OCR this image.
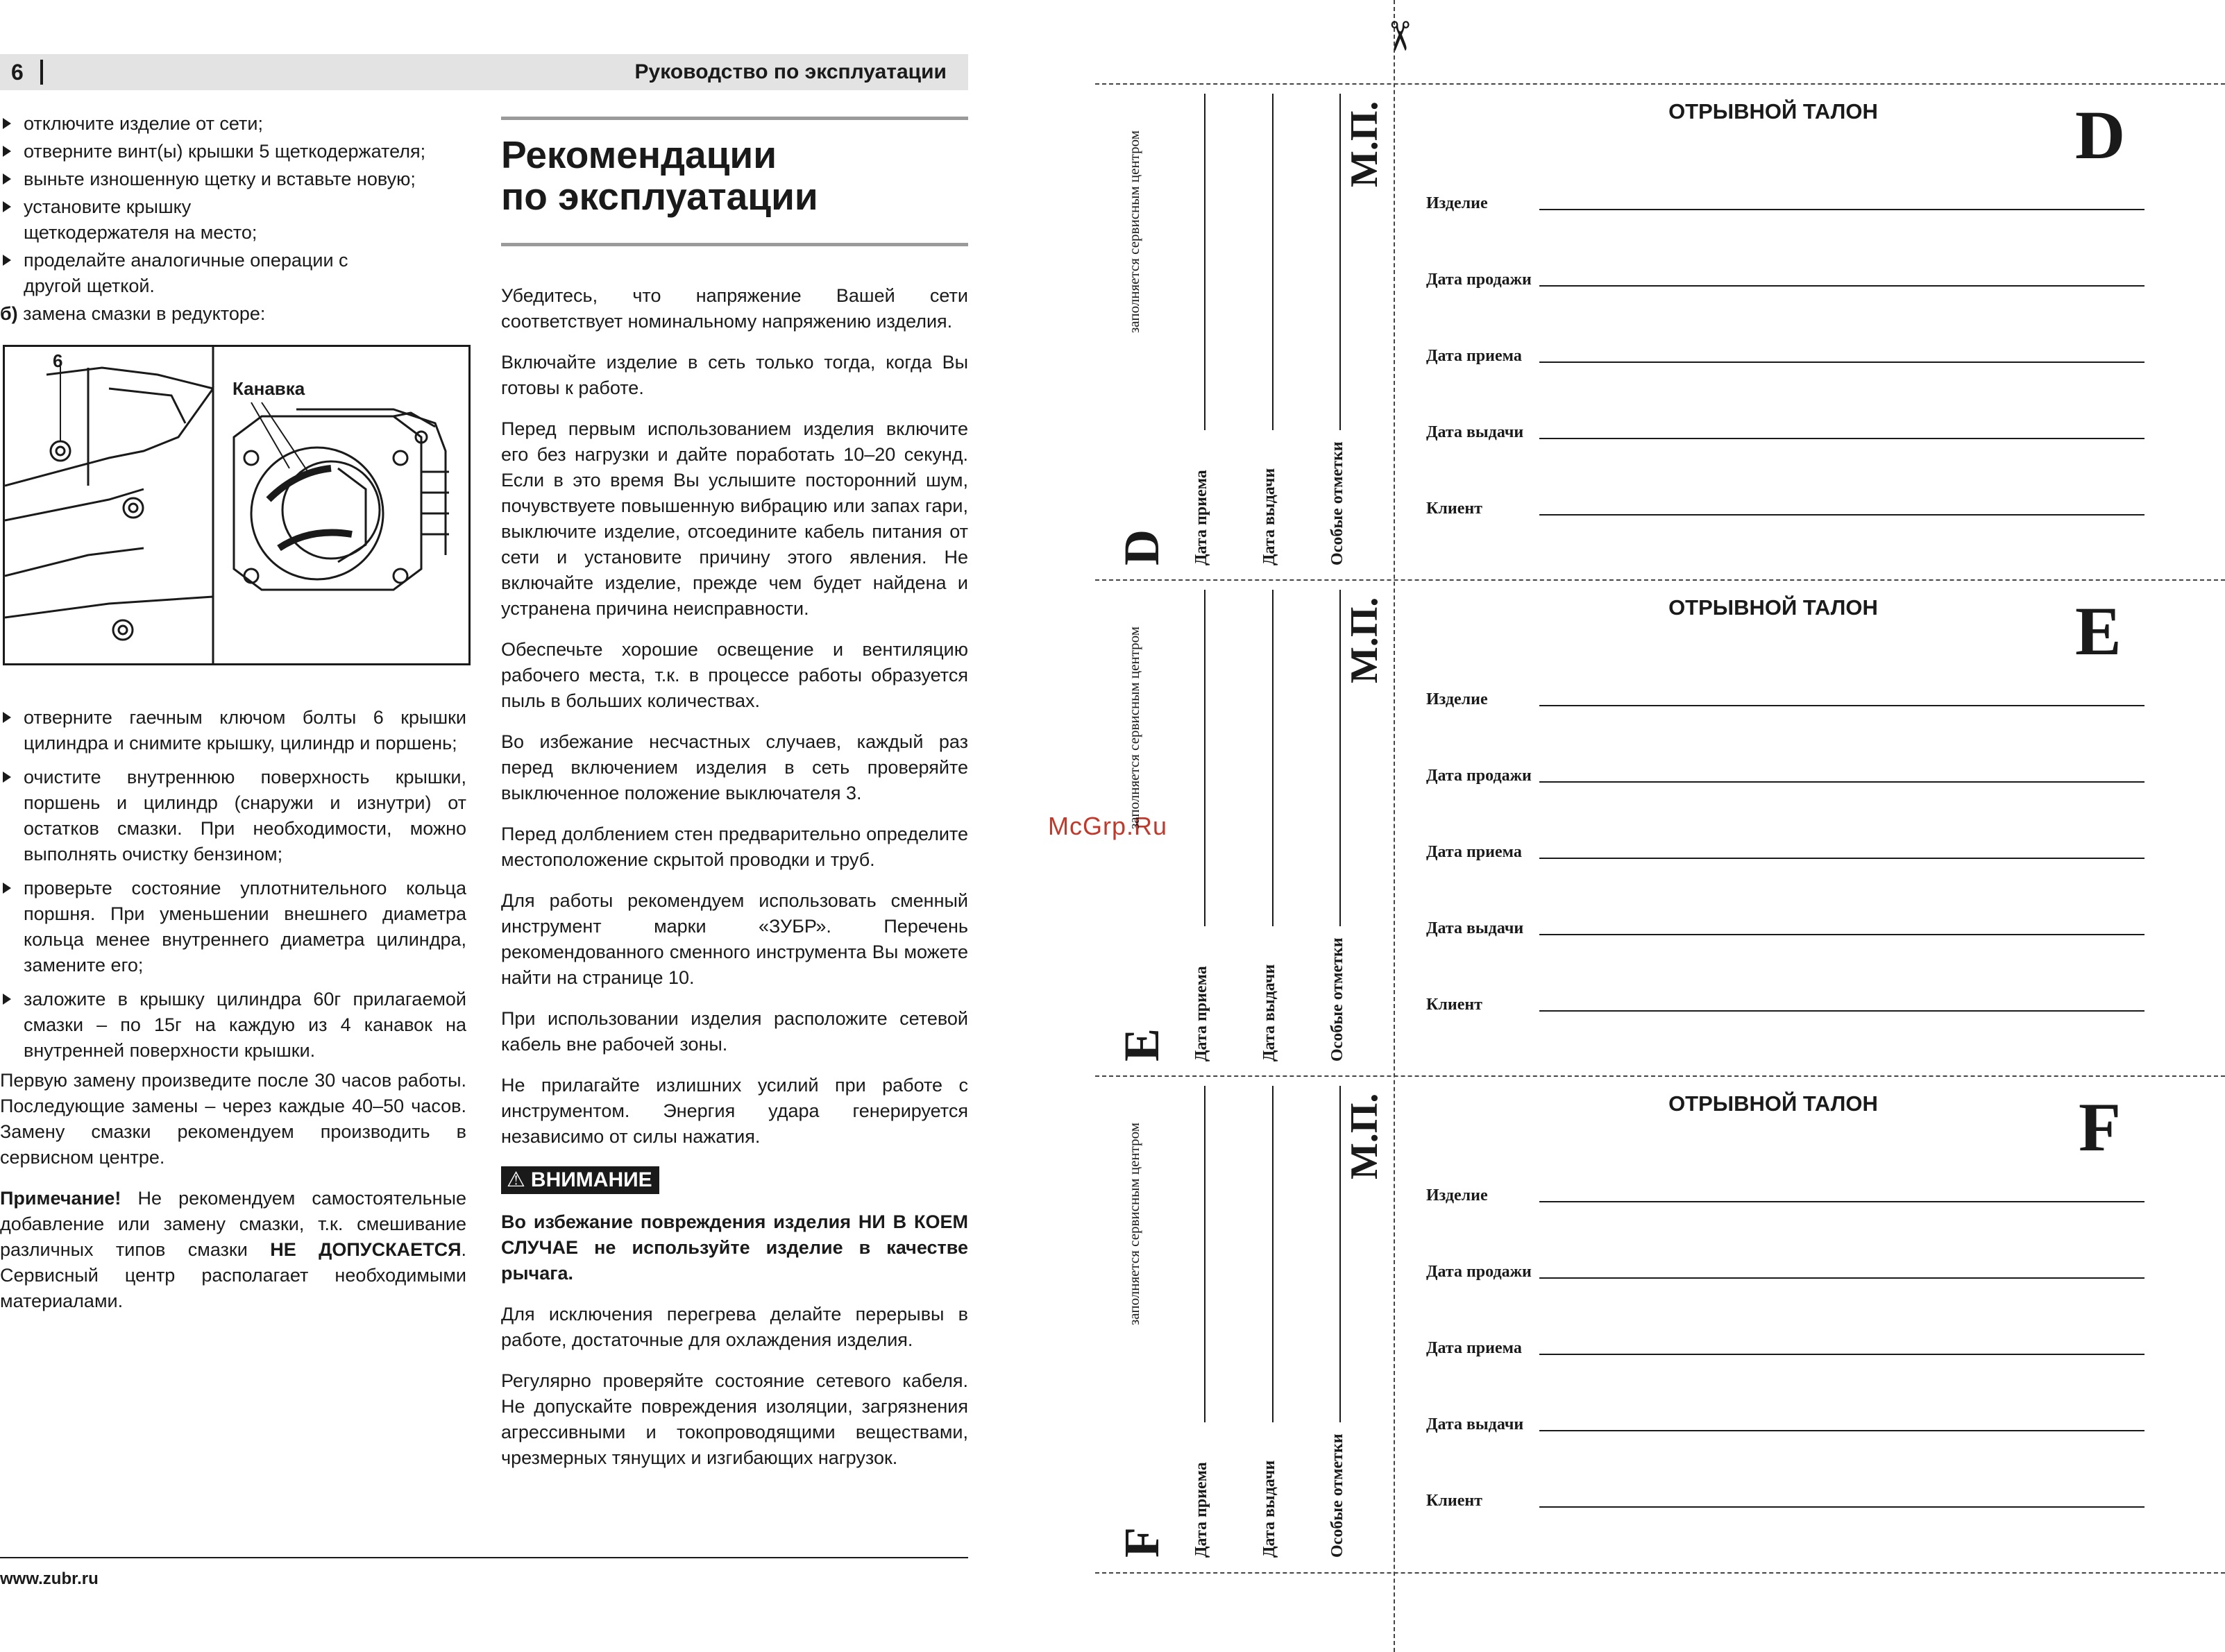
6	Руководство по эксплуатации
отключите изделие от сети;
отверните винт(ы) крышки 5 щеткодержателя;
выньте изношенную щетку и вставьте новую;
установите крышку щеткодержателя на место;
проделайте аналогичные операции с другой щеткой.
б) замена смазки в редукторе:
6
Канавка
отверните гаечным ключом болты 6 крышки цилиндра и снимите крышку, цилиндр и поршень;
очистите внутреннюю поверхность крышки, поршень и цилиндр (снаружи и изнутри) от остатков смазки. При необходимости, можно выполнять очистку бензином;
проверьте состояние уплотнительного кольца поршня. При уменьшении внешнего диаметра кольца менее внутреннего диаметра цилиндра, замените его;
заложите в крышку цилиндра 60г прилагаемой смазки – по 15г на каждую из 4 канавок на внутренней поверхности крышки.
Первую замену произведите после 30 часов работы. Последующие замены – через каждые 40–50 часов. Замену смазки рекомендуем производить в сервисном центре.
Примечание! Не рекомендуем самостоятельные добавление или замену смазки, т.к. смешивание различных типов смазки НЕ ДОПУСКАЕТСЯ. Сервисный центр располагает необходимыми материалами.
Рекомендации
по эксплуатации
Убедитесь, что напряжение Вашей сети соответствует номинальному напряжению изделия.
Включайте изделие в сеть только тогда, когда Вы готовы к работе.
Перед первым использованием изделия включите его без нагрузки и дайте поработать 10–20 секунд. Если в это время Вы услышите посторонний шум, почувствуете повышенную вибрацию или запах гари, выключите изделие, отсоедините кабель питания от сети и установите причину этого явления. Не включайте изделие, прежде чем будет найдена и устранена причина неисправности.
Обеспечьте хорошие освещение и вентиляцию рабочего места, т.к. в процессе работы образуется пыль в больших количествах.
Во избежание несчастных случаев, каждый раз перед включением изделия в сеть проверяйте выключенное положение выключателя 3.
Перед долблением стен предварительно определите местоположение скрытой проводки и труб.
Для работы рекомендуем использовать сменный инструмент марки «ЗУБР». Перечень рекомендованного сменного инструмента Вы можете найти на странице 10.
При использовании изделия расположите сетевой кабель вне рабочей зоны.
Не прилагайте излишних усилий при работе с инструментом. Энергия удара генерируется независимо от силы нажатия.
⚠ ВНИМАНИЕ
Во избежание повреждения изделия НИ В КОЕМ СЛУЧАЕ не используйте изделие в качестве рычага.
Для исключения перегрева делайте перерывы в работе, достаточные для охлаждения изделия.
Регулярно проверяйте состояние сетевого кабеля. Не допускайте повреждения изоляции, загрязнения агрессивными и токопроводящими веществами, чрезмерных тянущих и изгибающих нагрузок.
www.zubr.ru
McGrp.Ru
✂
заполняется сервисным центром
D Дата приема	Дата выдачи	Особые отметки
М.П.	ОТРЫВНОЙ ТАЛОН	D
Изделие
Дата продажи
Дата приема
Дата выдачи
Клиент
заполняется сервисным центром
E Дата приема	Дата выдачи	Особые отметки
М.П.	ОТРЫВНОЙ ТАЛОН	E
Изделие
Дата продажи
Дата приема
Дата выдачи
Клиент
заполняется сервисным центром
F Дата приема	Дата выдачи	Особые отметки
М.П.	ОТРЫВНОЙ ТАЛОН	F
Изделие
Дата продажи
Дата приема
Дата выдачи
Клиент
